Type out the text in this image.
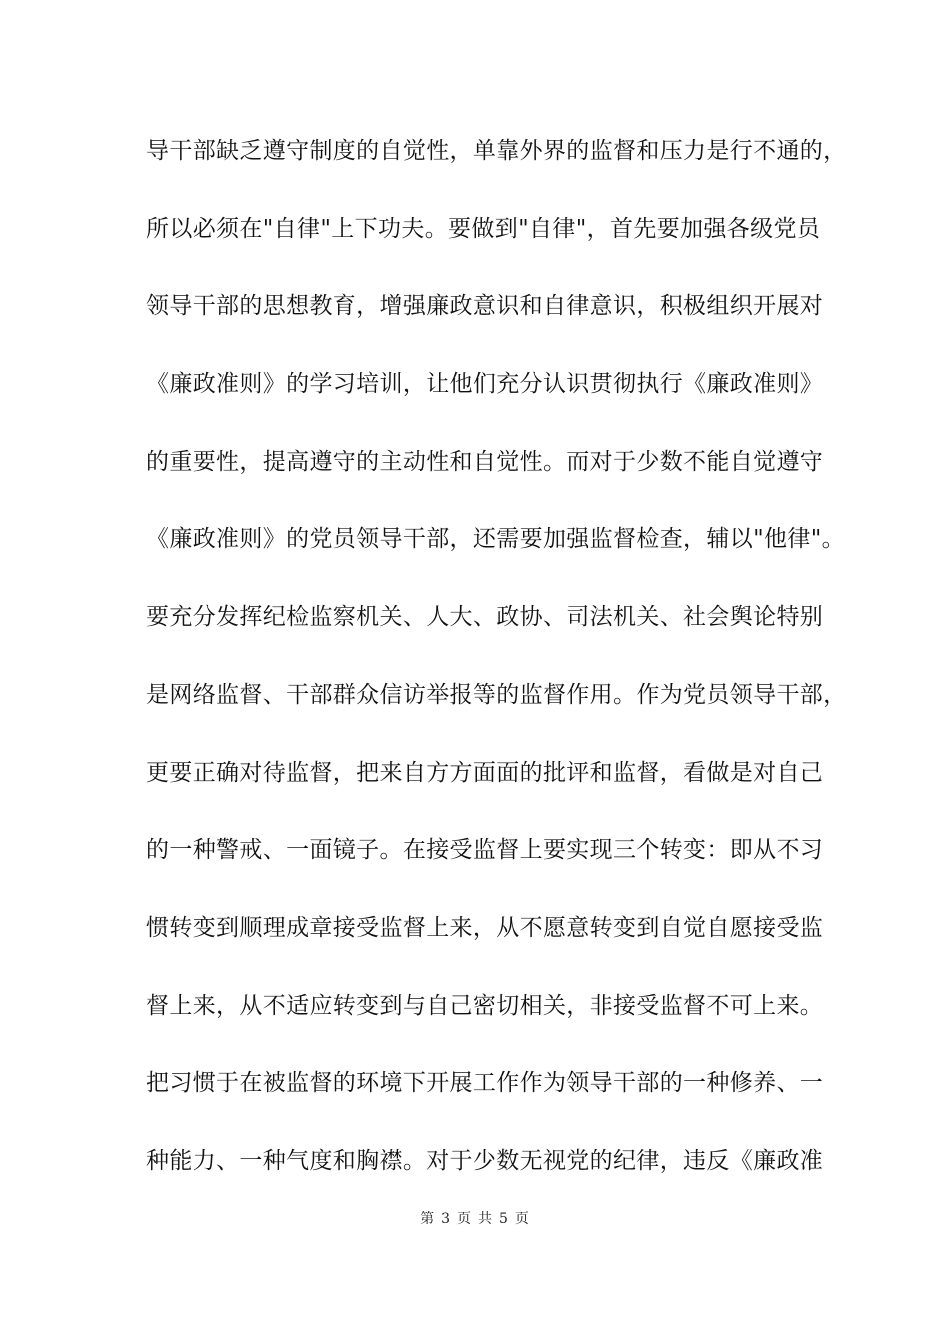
导干部缺乏遵守制度的自觉性，单靠外界的监督和压力是行不通的，
所以必须在"自律"上下功夫。要做到"自律"，首先要加强各级党员
领导干部的思想教育，增强廉政意识和自律意识，积极组织开展对
《廉政准则》的学习培训，让他们充分认识贯彻执行《廉政准则》
的重要性，提高遵守的主动性和自觉性。而对于少数不能自觉遵守
《廉政准则》的党员领导干部，还需要加强监督检查，辅以"他律"。
要充分发挥纪检监察机关、人大、政协、司法机关、社会舆论特别
是网络监督、干部群众信访举报等的监督作用。作为党员领导干部，
更要正确对待监督，把来自方方面面的批评和监督，看做是对自己
的一种警戒、一面镜子。在接受监督上要实现三个转变：即从不习
惯转变到顺理成章接受监督上来，从不愿意转变到自觉自愿接受监
督上来，从不适应转变到与自己密切相关，非接受监督不可上来。
把习惯于在被监督的环境下开展工作作为领导干部的一种修养、一
种能力、一种气度和胸襟。对于少数无视党的纪律，违反《廉政准
第 3 页 共 5 页
